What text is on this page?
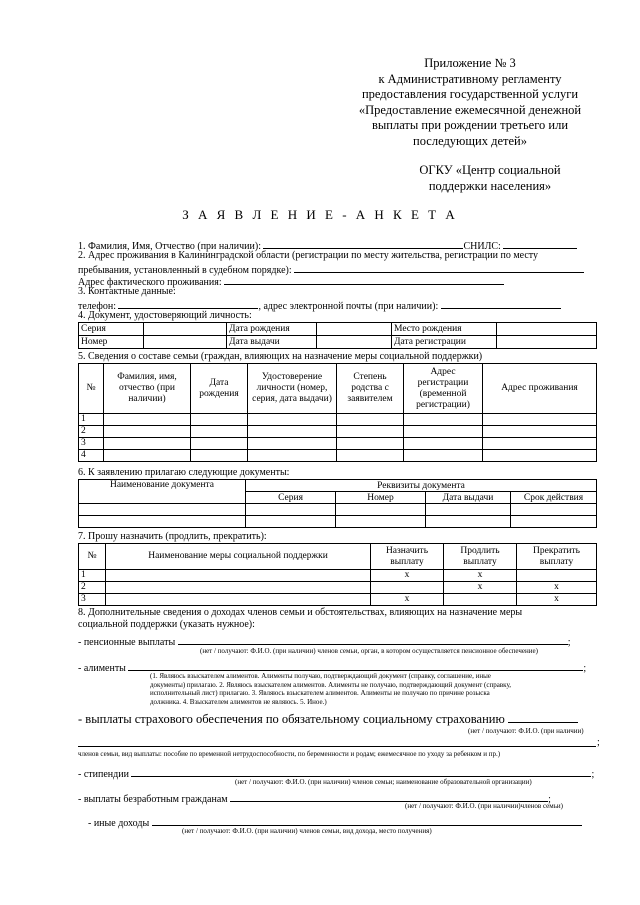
Приложение № 3
к Административному регламенту
предоставления государственной услуги
«Предоставление ежемесячной денежной
выплаты при рождении третьего или
последующих детей»
ОГКУ «Центр социальной
поддержки населения»
З А Я В Л Е Н И Е - А Н К Е Т А
1. Фамилия, Имя, Отчество (при наличии):	СНИЛС:
2. Адрес проживания в Калининградской области (регистрации по месту жительства, регистрации по месту
пребывания, установленный в судебном порядке):
Адрес фактического проживания:
3. Контактные данные:
телефон:	, адрес электронной почты (при наличии):
4. Документ, удостоверяющий личность:
Серия		Дата рождения		Место рождения	
Номер		Дата выдачи		Дата регистрации	
5. Сведения о составе семьи (граждан, влияющих на назначение меры социальной поддержки)
№	Фамилия, имя, отчество (при наличии)	Дата рождения	Удостоверение личности (номер, серия, дата выдачи)	Степень родства с заявителем	Адрес регистрации (временной регистрации)	Адрес проживания
1						
2						
3						
4						
6. К заявлению прилагаю следующие документы:
Наименование документа	Реквизиты документа			
	Серия	Номер	Дата выдачи	Срок действия

7. Прошу назначить (продлить, прекратить):
№	Наименование меры социальной поддержки	Назначить выплату	Продлить выплату	Прекратить выплату
1		х	х	
2			х	х
3		х		х
8. Дополнительные сведения о доходах членов семьи и обстоятельствах, влияющих на назначение меры
социальной поддержки (указать нужное):
- пенсионные выплаты	;
(нет / получают: Ф.И.О. (при наличии) членов семьи, орган, в котором осуществляется пенсионное обеспечение)
- алименты	;
(1. Являюсь взыскателем алиментов. Алименты получаю, подтверждающий документ (справку, соглашение, иные
документы) прилагаю. 2. Являюсь взыскателем алиментов. Алименты не получаю, подтверждающий документ (справку,
исполнительный лист) прилагаю. 3. Являюсь взыскателем алиментов. Алименты не получаю по причине розыска
должника. 4. Взыскателем алиментов не являюсь. 5. Иное.)
- выплаты страхового обеспечения по обязательному социальному страхованию
(нет / получают: Ф.И.О. (при наличии)
;
членов семьи, вид выплаты: пособие по временной нетрудоспособности, по беременности и родам; ежемесячное по уходу за ребенком и пр.)
- стипендии	;
(нет / получают: Ф.И.О. (при наличии) членов семьи; наименование образовательной организации)
- выплаты безработным гражданам	;
(нет / получают: Ф.И.О. (при наличии)членов семьи)
- иные доходы
(нет / получают: Ф.И.О. (при наличии) членов семьи, вид дохода, место получения)
